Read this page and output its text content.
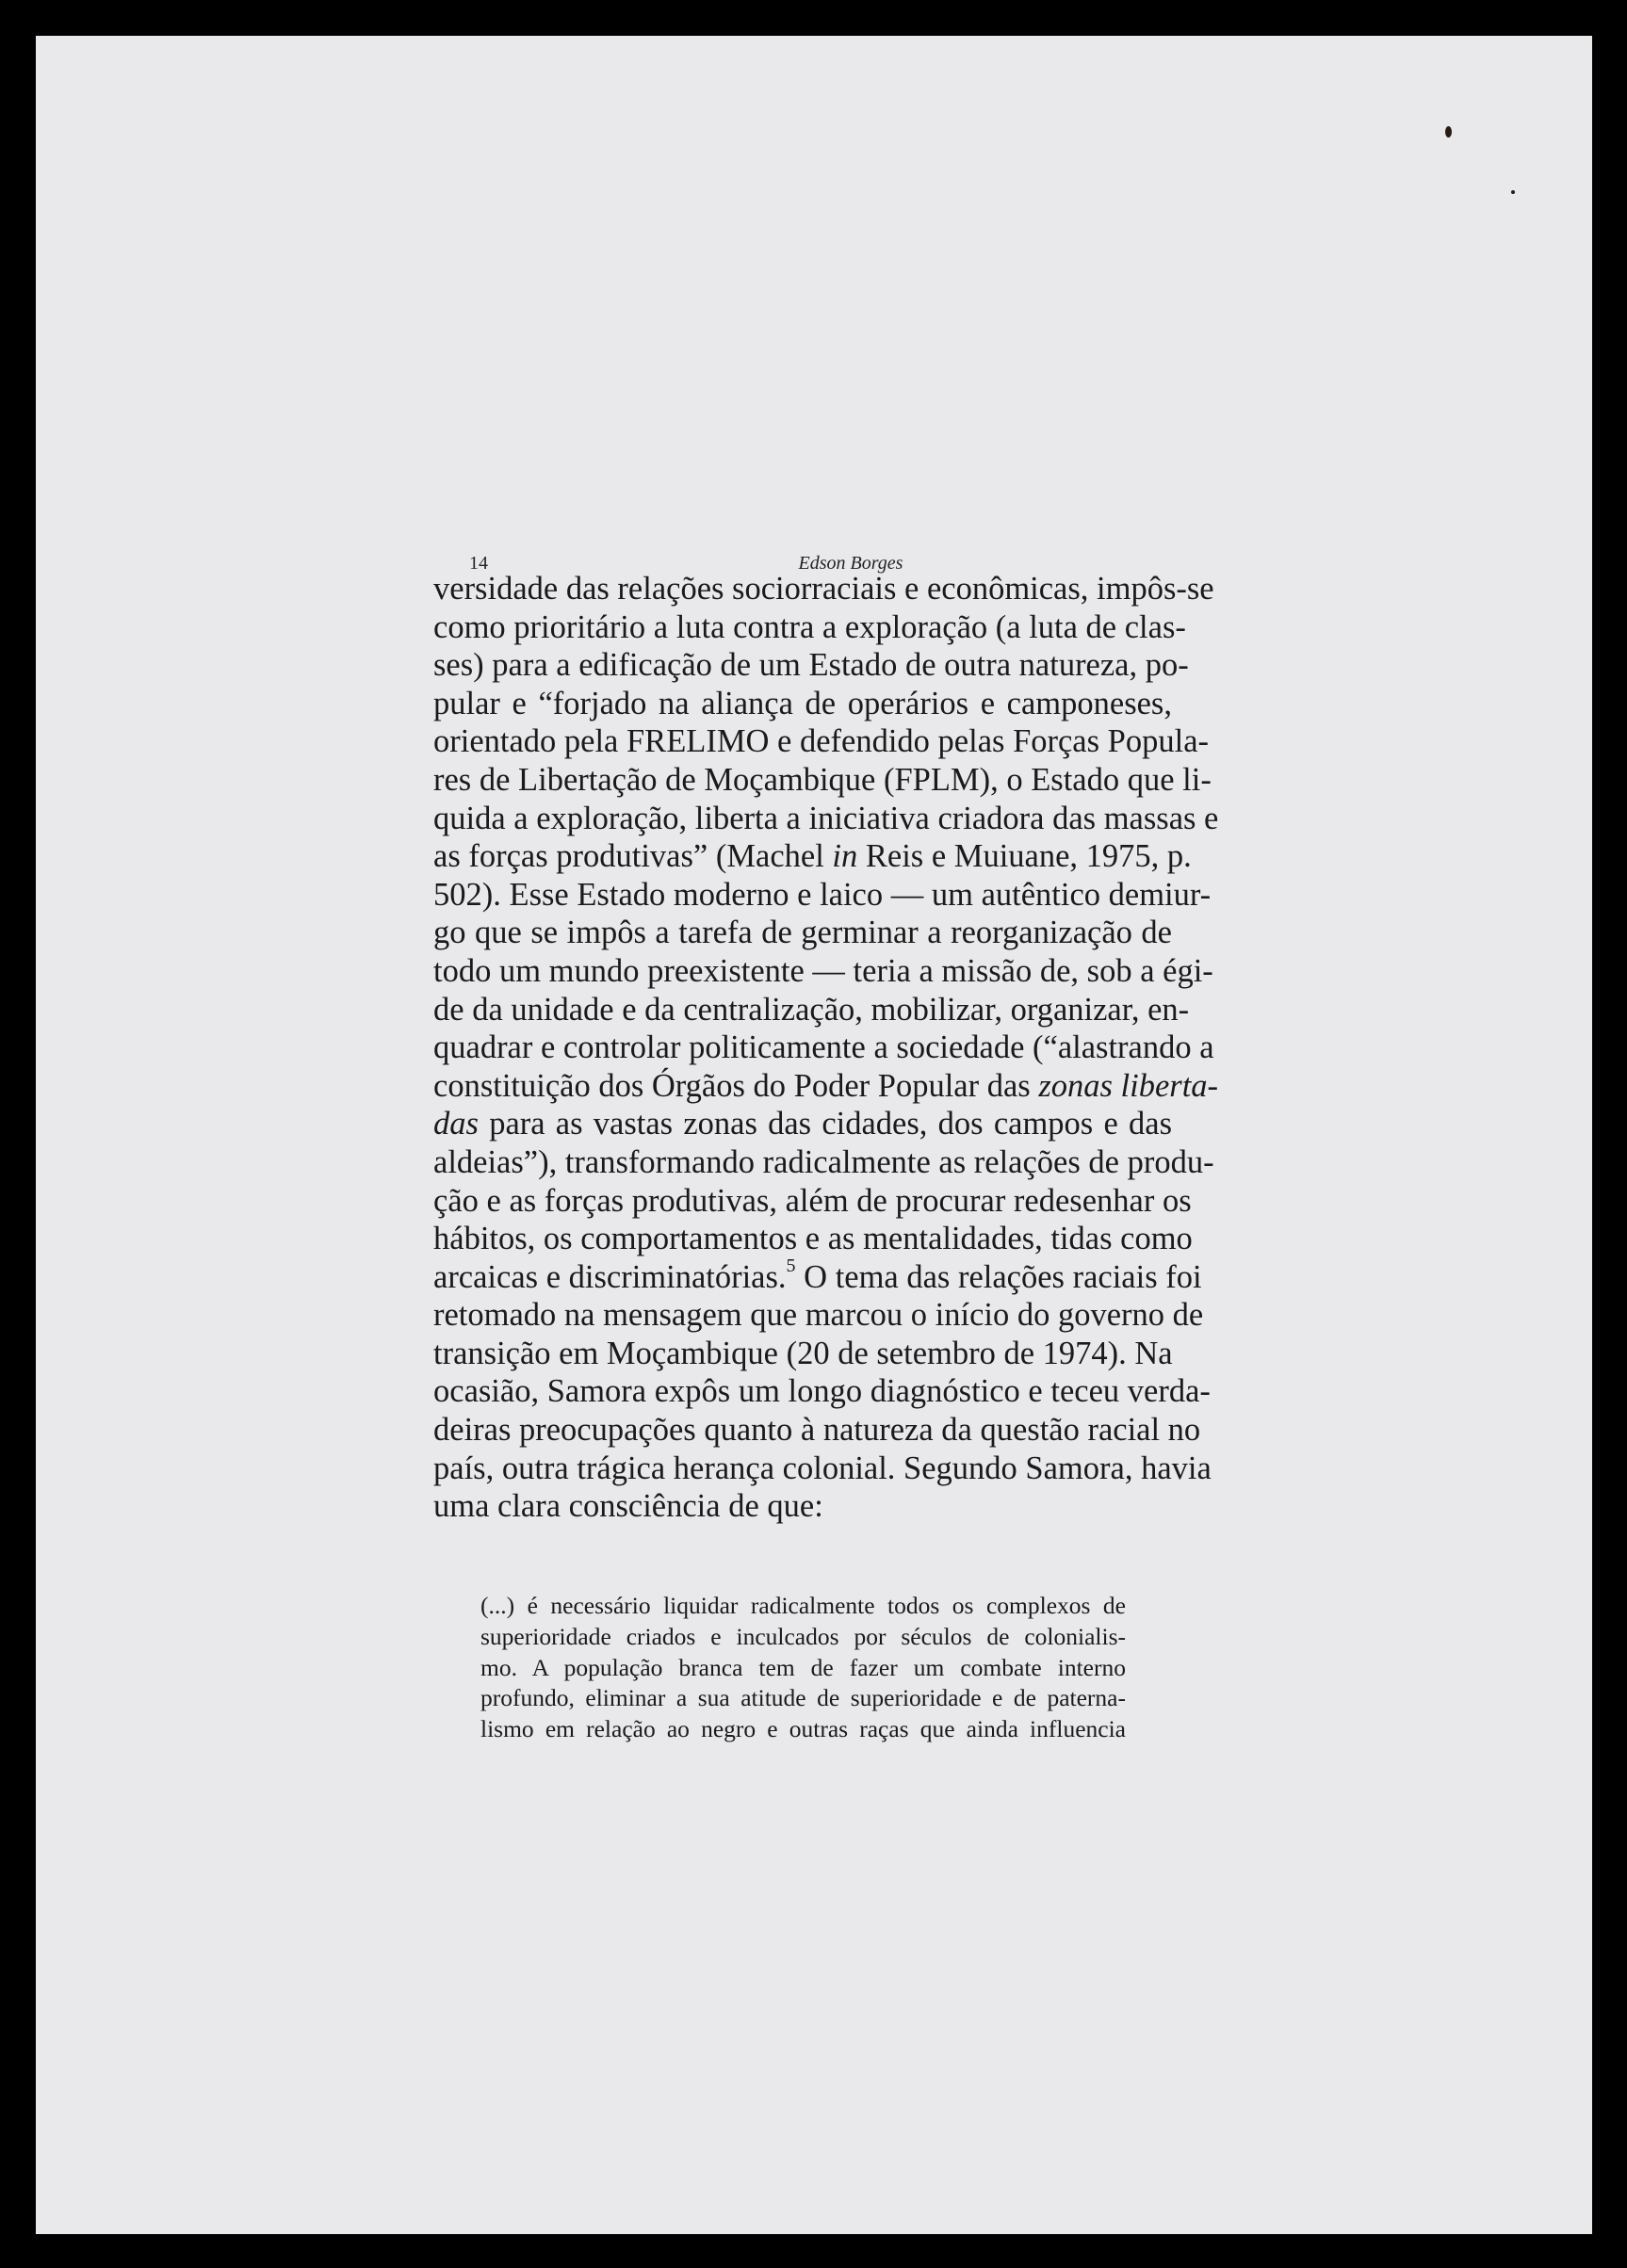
14	Edson Borges
versidade das relações sociorraciais e econômicas, impôs-se
como prioritário a luta contra a exploração (a luta de clas-
ses) para a edificação de um Estado de outra natureza, po-
pular e “forjado na aliança de operários e camponeses,
orientado pela FRELIMO e defendido pelas Forças Popula-
res de Libertação de Moçambique (FPLM), o Estado que li-
quida a exploração, liberta a iniciativa criadora das massas e
as forças produtivas” (Machel in Reis e Muiuane, 1975, p.
502). Esse Estado moderno e laico — um autêntico demiur-
go que se impôs a tarefa de germinar a reorganização de
todo um mundo preexistente — teria a missão de, sob a égi-
de da unidade e da centralização, mobilizar, organizar, en-
quadrar e controlar politicamente a sociedade (“alastrando a
constituição dos Órgãos do Poder Popular das zonas liberta-
das para as vastas zonas das cidades, dos campos e das
aldeias”), transformando radicalmente as relações de produ-
ção e as forças produtivas, além de procurar redesenhar os
hábitos, os comportamentos e as mentalidades, tidas como
arcaicas e discriminatórias.$^5$ O tema das relações raciais foi
retomado na mensagem que marcou o início do governo de
transição em Moçambique (20 de setembro de 1974). Na
ocasião, Samora expôs um longo diagnóstico e teceu verda-
deiras preocupações quanto à natureza da questão racial no
país, outra trágica herança colonial. Segundo Samora, havia
uma clara consciência de que:
(...) é necessário liquidar radicalmente todos os complexos de
superioridade criados e inculcados por séculos de colonialis-
mo. A população branca tem de fazer um combate interno
profundo, eliminar a sua atitude de superioridade e de paterna-
lismo em relação ao negro e outras raças que ainda influencia
